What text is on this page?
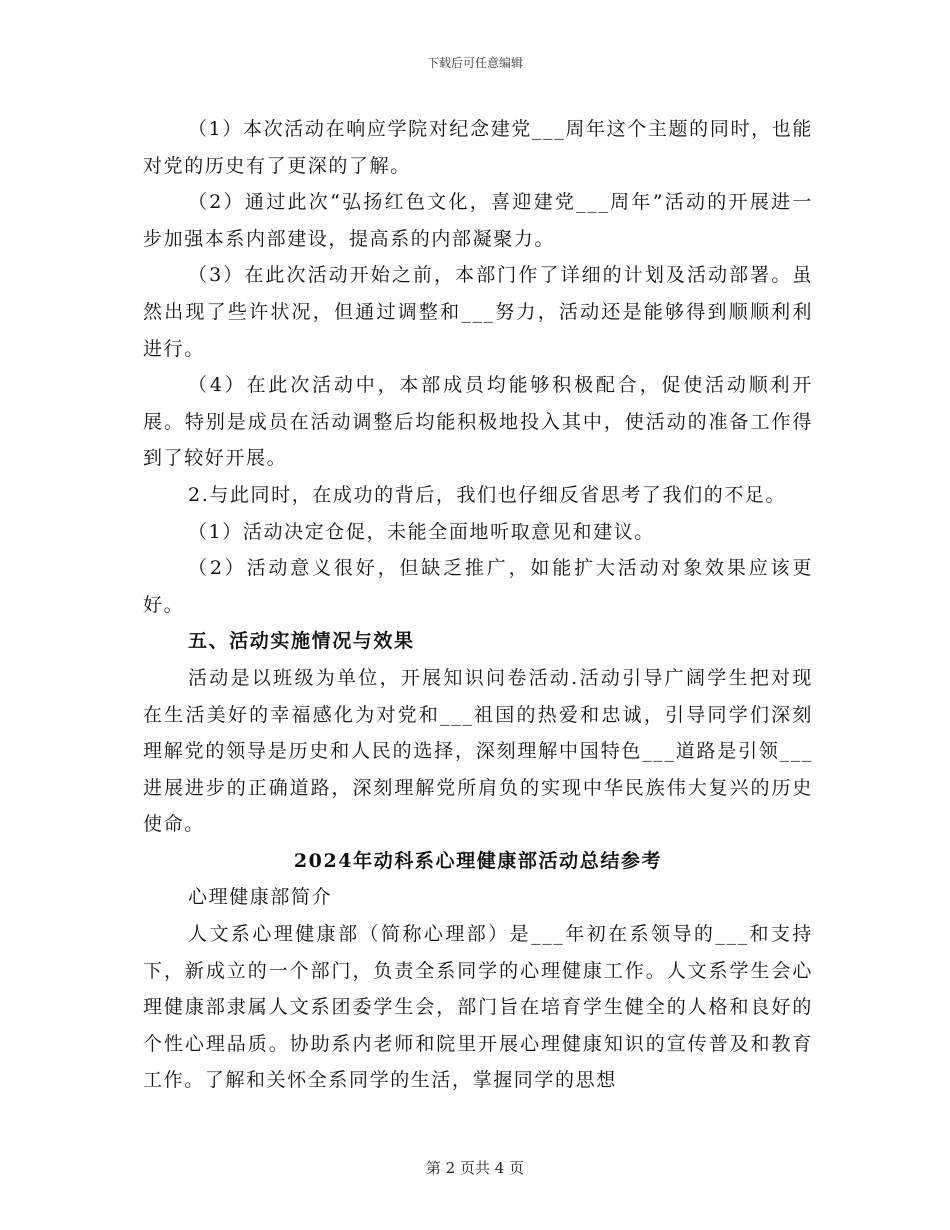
下载后可任意编辑

（1）本次活动在响应学院对纪念建党___周年这个主题的同时，也能对党的历史有了更深的了解。

（2）通过此次“弘扬红色文化，喜迎建党___周年”活动的开展进一步加强本系内部建设，提高系的内部凝聚力。

（3）在此次活动开始之前，本部门作了详细的计划及活动部署。虽然出现了些许状况，但通过调整和___努力，活动还是能够得到顺顺利利进行。

（4）在此次活动中，本部成员均能够积极配合，促使活动顺利开展。特别是成员在活动调整后均能积极地投入其中，使活动的准备工作得到了较好开展。

2.与此同时，在成功的背后，我们也仔细反省思考了我们的不足。

（1）活动决定仓促，未能全面地听取意见和建议。

（2）活动意义很好，但缺乏推广，如能扩大活动对象效果应该更好。

五、活动实施情况与效果

活动是以班级为单位，开展知识问卷活动.活动引导广阔学生把对现在生活美好的幸福感化为对党和___祖国的热爱和忠诚，引导同学们深刻理解党的领导是历史和人民的选择，深刻理解中国特色___道路是引领___进展进步的正确道路，深刻理解党所肩负的实现中华民族伟大复兴的历史使命。

2024年动科系心理健康部活动总结参考

心理健康部简介

人文系心理健康部（简称心理部）是___年初在系领导的___和支持下，新成立的一个部门，负责全系同学的心理健康工作。人文系学生会心理健康部隶属人文系团委学生会，部门旨在培育学生健全的人格和良好的个性心理品质。协助系内老师和院里开展心理健康知识的宣传普及和教育工作。了解和关怀全系同学的生活，掌握同学的思想

第 2 页共 4 页
